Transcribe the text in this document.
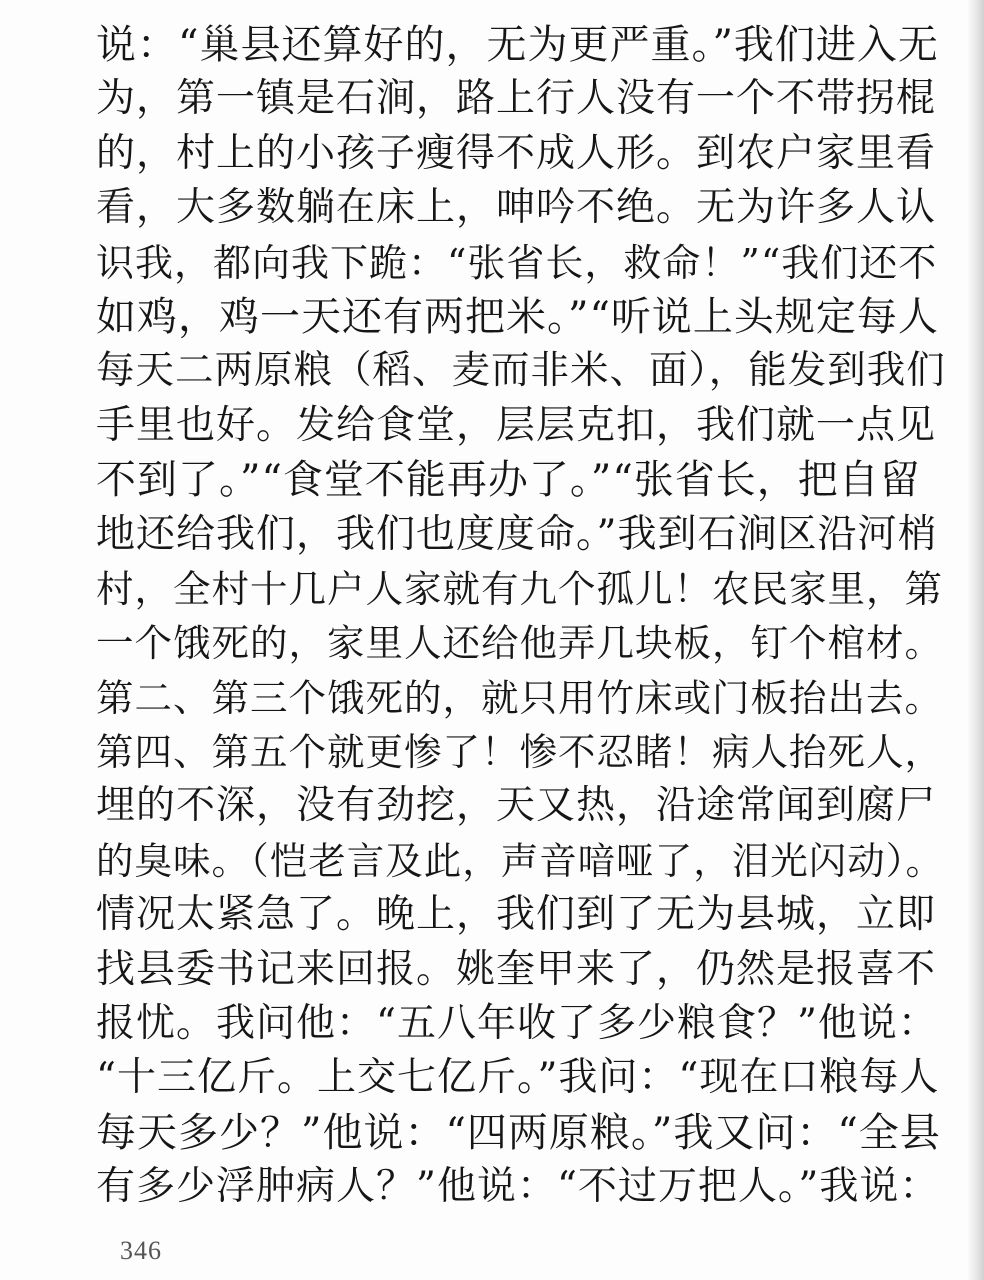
说：“巢县还算好的，无为更严重。”我们进入无
为，第一镇是石涧，路上行人没有一个不带拐棍
的，村上的小孩子瘦得不成人形。到农户家里看
看，大多数躺在床上，呻吟不绝。无为许多人认
识我，都向我下跪：“张省长，救命！”“我们还不
如鸡，鸡一天还有两把米。”“听说上头规定每人
每天二两原粮（稻、麦而非米、面），能发到我们
手里也好。发给食堂，层层克扣，我们就一点见
不到了。”“食堂不能再办了。”“张省长，把自留
地还给我们，我们也度度命。”我到石涧区沿河梢
村，全村十几户人家就有九个孤儿！农民家里，第
一个饿死的，家里人还给他弄几块板，钉个棺材。
第二、第三个饿死的，就只用竹床或门板抬出去。
第四、第五个就更惨了！惨不忍睹！病人抬死人，
埋的不深，没有劲挖，天又热，沿途常闻到腐尸
的臭味。（恺老言及此，声音喑哑了，泪光闪动）。
情况太紧急了。晚上，我们到了无为县城，立即
找县委书记来回报。姚奎甲来了，仍然是报喜不
报忧。我问他：“五八年收了多少粮食？”他说：
“十三亿斤。上交七亿斤。”我问：“现在口粮每人
每天多少？”他说：“四两原粮。”我又问：“全县
有多少浮肿病人？”他说：“不过万把人。”我说：
346
